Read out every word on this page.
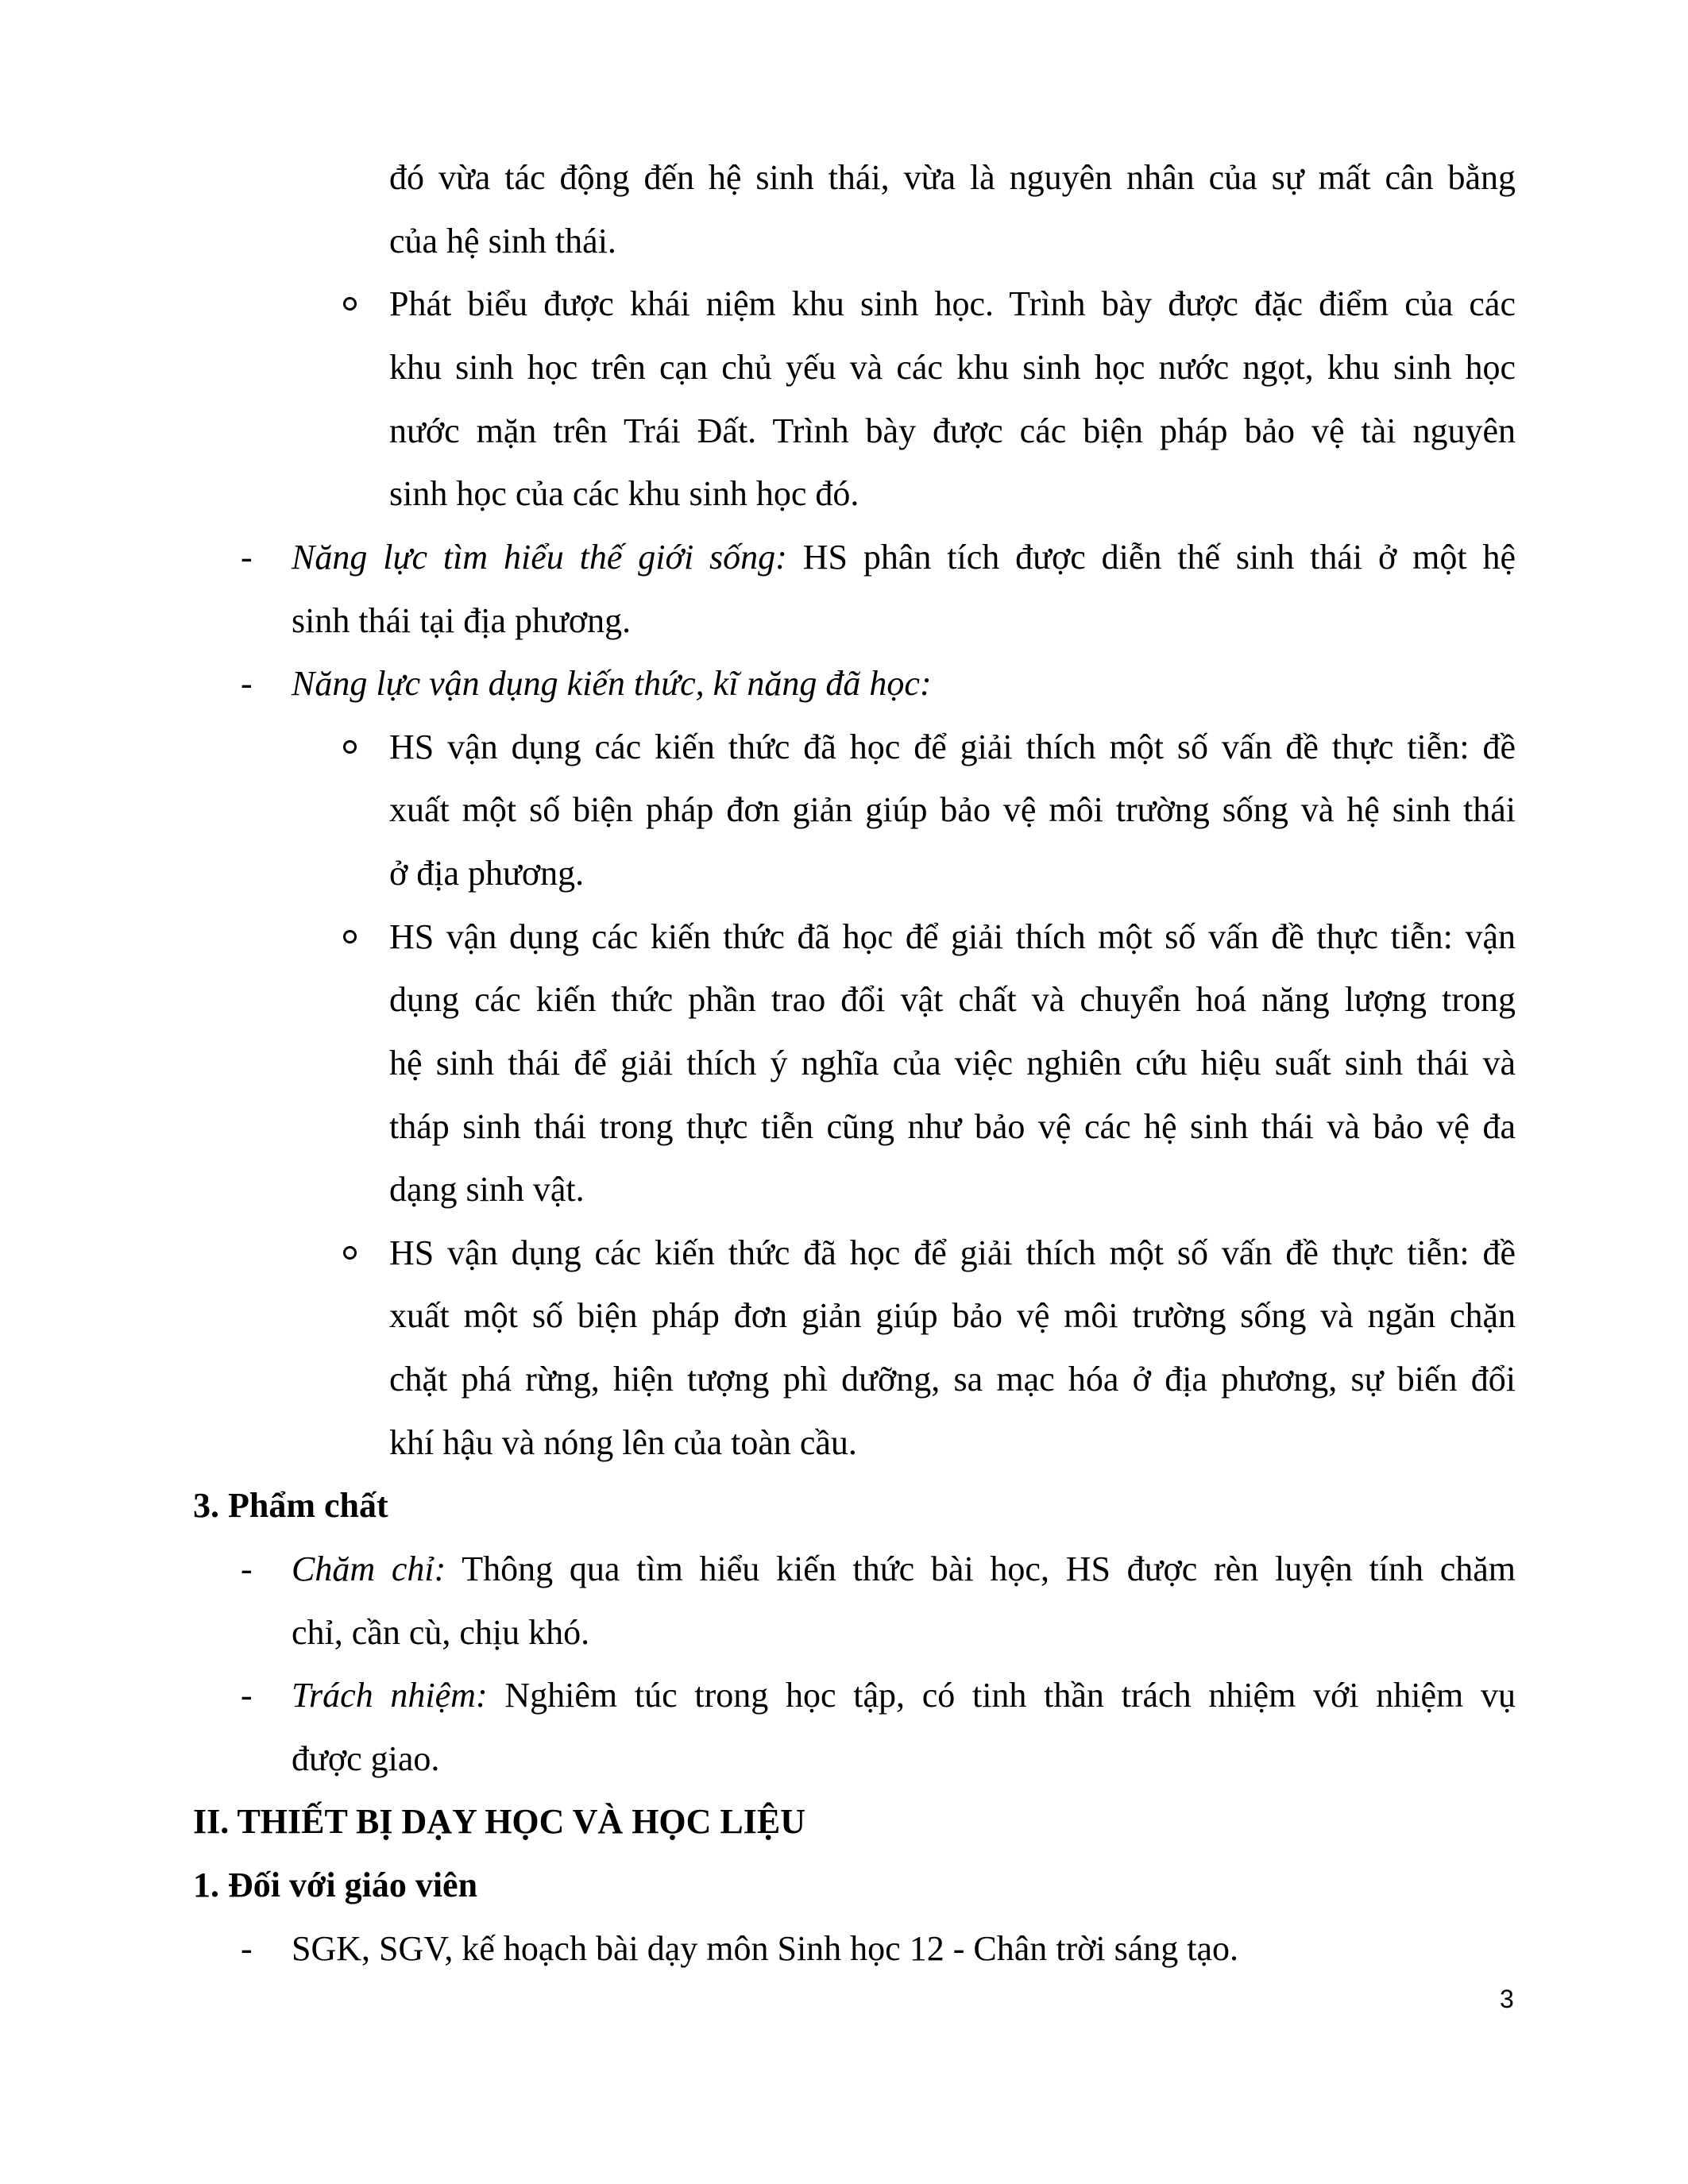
đó vừa tác động đến hệ sinh thái, vừa là nguyên nhân của sự mất cân bằng
của hệ sinh thái.
Phát biểu được khái niệm khu sinh học. Trình bày được đặc điểm của các
khu sinh học trên cạn chủ yếu và các khu sinh học nước ngọt, khu sinh học
nước mặn trên Trái Đất. Trình bày được các biện pháp bảo vệ tài nguyên
sinh học của các khu sinh học đó.
- Năng lực tìm hiểu thế giới sống: HS phân tích được diễn thế sinh thái ở một hệ
sinh thái tại địa phương.
- Năng lực vận dụng kiến thức, kĩ năng đã học:
HS vận dụng các kiến thức đã học để giải thích một số vấn đề thực tiễn: đề
xuất một số biện pháp đơn giản giúp bảo vệ môi trường sống và hệ sinh thái
ở địa phương.
HS vận dụng các kiến thức đã học để giải thích một số vấn đề thực tiễn: vận
dụng các kiến thức phần trao đổi vật chất và chuyển hoá năng lượng trong
hệ sinh thái để giải thích ý nghĩa của việc nghiên cứu hiệu suất sinh thái và
tháp sinh thái trong thực tiễn cũng như bảo vệ các hệ sinh thái và bảo vệ đa
dạng sinh vật.
HS vận dụng các kiến thức đã học để giải thích một số vấn đề thực tiễn: đề
xuất một số biện pháp đơn giản giúp bảo vệ môi trường sống và ngăn chặn
chặt phá rừng, hiện tượng phì dưỡng, sa mạc hóa ở địa phương, sự biến đổi
khí hậu và nóng lên của toàn cầu.
3. Phẩm chất
- Chăm chỉ: Thông qua tìm hiểu kiến thức bài học, HS được rèn luyện tính chăm
chỉ, cần cù, chịu khó.
- Trách nhiệm: Nghiêm túc trong học tập, có tinh thần trách nhiệm với nhiệm vụ
được giao.
II. THIẾT BỊ DẠY HỌC VÀ HỌC LIỆU
1. Đối với giáo viên
- SGK, SGV, kế hoạch bài dạy môn Sinh học 12 - Chân trời sáng tạo.
3
